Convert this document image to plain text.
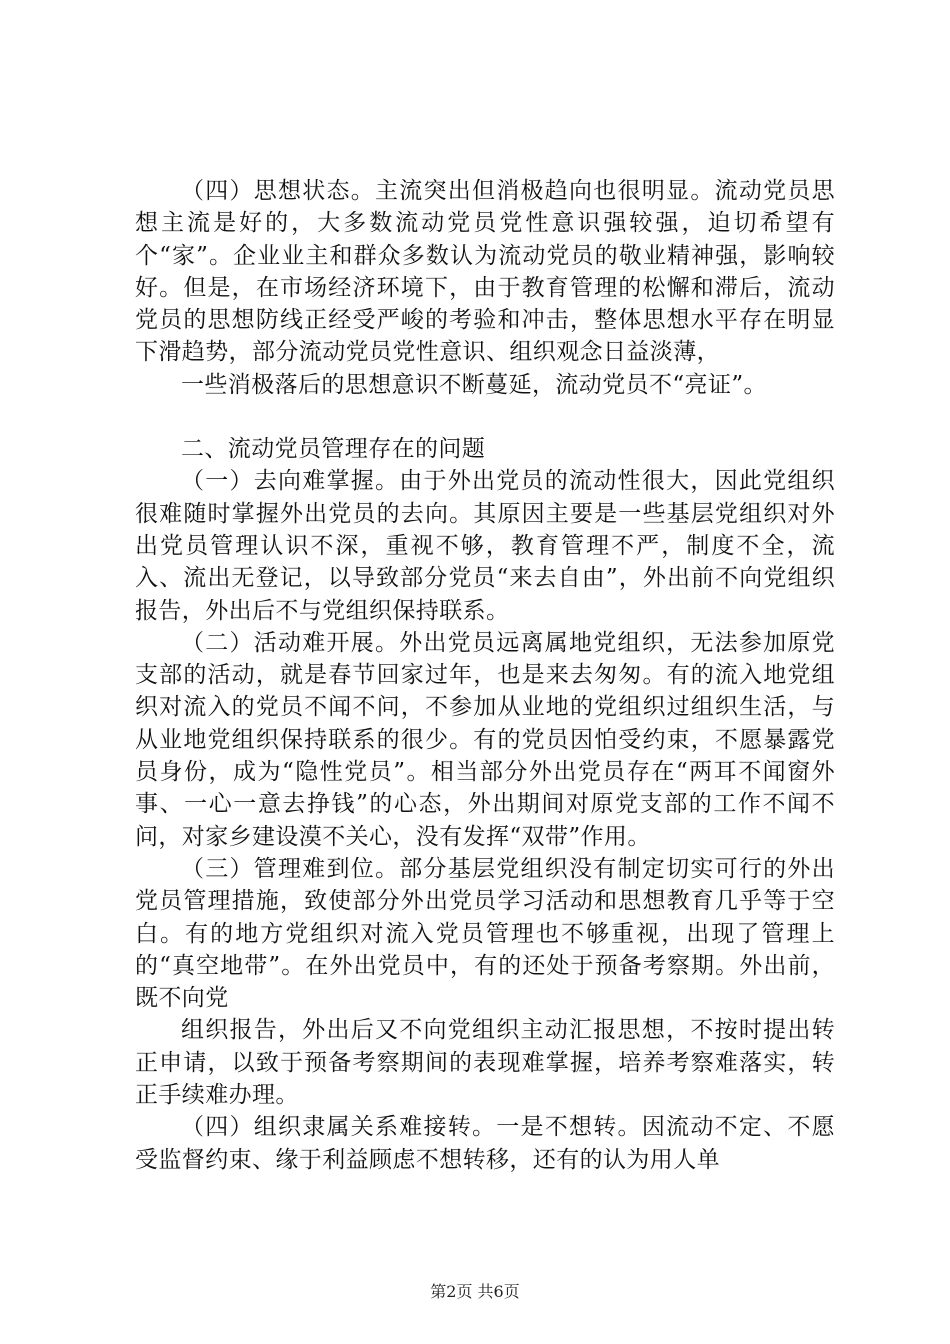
（四）思想状态。主流突出但消极趋向也很明显。流动党员思想主流是好的，大多数流动党员党性意识强较强，迫切希望有个“家”。企业业主和群众多数认为流动党员的敬业精神强，影响较好。但是，在市场经济环境下，由于教育管理的松懈和滞后，流动党员的思想防线正经受严峻的考验和冲击，整体思想水平存在明显下滑趋势，部分流动党员党性意识、组织观念日益淡薄，

一些消极落后的思想意识不断蔓延，流动党员不“亮证”。

二、流动党员管理存在的问题

（一）去向难掌握。由于外出党员的流动性很大，因此党组织很难随时掌握外出党员的去向。其原因主要是一些基层党组织对外出党员管理认识不深，重视不够，教育管理不严，制度不全，流入、流出无登记，以导致部分党员“来去自由”，外出前不向党组织报告，外出后不与党组织保持联系。

（二）活动难开展。外出党员远离属地党组织，无法参加原党支部的活动，就是春节回家过年，也是来去匆匆。有的流入地党组织对流入的党员不闻不问，不参加从业地的党组织过组织生活，与从业地党组织保持联系的很少。有的党员因怕受约束，不愿暴露党员身份，成为“隐性党员”。相当部分外出党员存在“两耳不闻窗外事、一心一意去挣钱”的心态，外出期间对原党支部的工作不闻不问，对家乡建设漠不关心，没有发挥“双带”作用。

（三）管理难到位。部分基层党组织没有制定切实可行的外出党员管理措施，致使部分外出党员学习活动和思想教育几乎等于空白。有的地方党组织对流入党员管理也不够重视，出现了管理上的“真空地带”。在外出党员中，有的还处于预备考察期。外出前，既不向党

组织报告，外出后又不向党组织主动汇报思想，不按时提出转正申请，以致于预备考察期间的表现难掌握，培养考察难落实，转正手续难办理。

（四）组织隶属关系难接转。一是不想转。因流动不定、不愿受监督约束、缘于利益顾虑不想转移，还有的认为用人单

第2页 共6页
